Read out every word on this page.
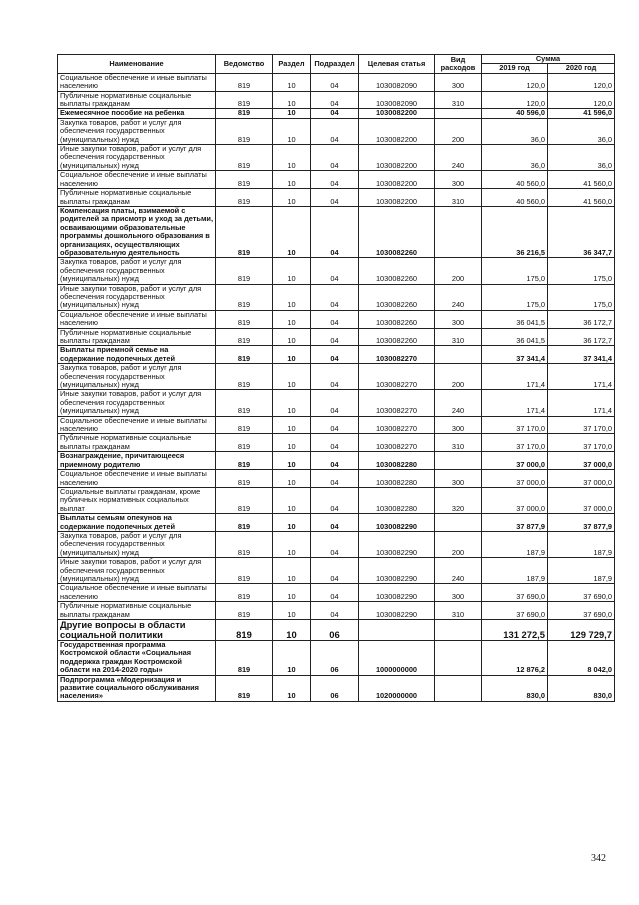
Наименование	Ведомство	Раздел	Подраздел	Целевая статья	Вид расходов	Сумма	
						2019 год	2020 год
Социальное обеспечение и иные выплаты населению	819	10	04	1030082090	300	120,0	120,0
Публичные нормативные социальные выплаты гражданам	819	10	04	1030082090	310	120,0	120,0
Ежемесячное пособие на ребенка	819	10	04	1030082200		40 596,0	41 596,0
Закупка товаров, работ и услуг для обеспечения государственных (муниципальных) нужд	819	10	04	1030082200	200	36,0	36,0
Иные закупки товаров, работ и услуг для обеспечения государственных (муниципальных) нужд	819	10	04	1030082200	240	36,0	36,0
Социальное обеспечение и иные выплаты населению	819	10	04	1030082200	300	40 560,0	41 560,0
Публичные нормативные социальные выплаты гражданам	819	10	04	1030082200	310	40 560,0	41 560,0
Компенсация платы, взимаемой с родителей за присмотр и уход за детьми, осваивающими образовательные программы дошкольного образования в организациях, осуществляющих образовательную деятельность	819	10	04	1030082260		36 216,5	36 347,7
Закупка товаров, работ и услуг для обеспечения государственных (муниципальных) нужд	819	10	04	1030082260	200	175,0	175,0
Иные закупки товаров, работ и услуг для обеспечения государственных (муниципальных) нужд	819	10	04	1030082260	240	175,0	175,0
Социальное обеспечение и иные выплаты населению	819	10	04	1030082260	300	36 041,5	36 172,7
Публичные нормативные социальные выплаты гражданам	819	10	04	1030082260	310	36 041,5	36 172,7
Выплаты приемной семье на содержание подопечных детей	819	10	04	1030082270		37 341,4	37 341,4
Закупка товаров, работ и услуг для обеспечения государственных (муниципальных) нужд	819	10	04	1030082270	200	171,4	171,4
Иные закупки товаров, работ и услуг для обеспечения государственных (муниципальных) нужд	819	10	04	1030082270	240	171,4	171,4
Социальное обеспечение и иные выплаты населению	819	10	04	1030082270	300	37 170,0	37 170,0
Публичные нормативные социальные выплаты гражданам	819	10	04	1030082270	310	37 170,0	37 170,0
Вознаграждение, причитающееся приемному родителю	819	10	04	1030082280		37 000,0	37 000,0
Социальное обеспечение и иные выплаты населению	819	10	04	1030082280	300	37 000,0	37 000,0
Социальные выплаты гражданам, кроме публичных нормативных социальных выплат	819	10	04	1030082280	320	37 000,0	37 000,0
Выплаты семьям опекунов на содержание подопечных детей	819	10	04	1030082290		37 877,9	37 877,9
Закупка товаров, работ и услуг для обеспечения государственных (муниципальных) нужд	819	10	04	1030082290	200	187,9	187,9
Иные закупки товаров, работ и услуг для обеспечения государственных (муниципальных) нужд	819	10	04	1030082290	240	187,9	187,9
Социальное обеспечение и иные выплаты населению	819	10	04	1030082290	300	37 690,0	37 690,0
Публичные нормативные социальные выплаты гражданам	819	10	04	1030082290	310	37 690,0	37 690,0
Другие вопросы в области социальной политики	819	10	06			131 272,5	129 729,7
Государственная программа Костромской области «Социальная поддержка граждан Костромской области на 2014-2020 годы»	819	10	06	1000000000		12 876,2	8 042,0
Подпрограмма «Модернизация и развитие социального обслуживания населения»	819	10	06	1020000000		830,0	830,0
342
